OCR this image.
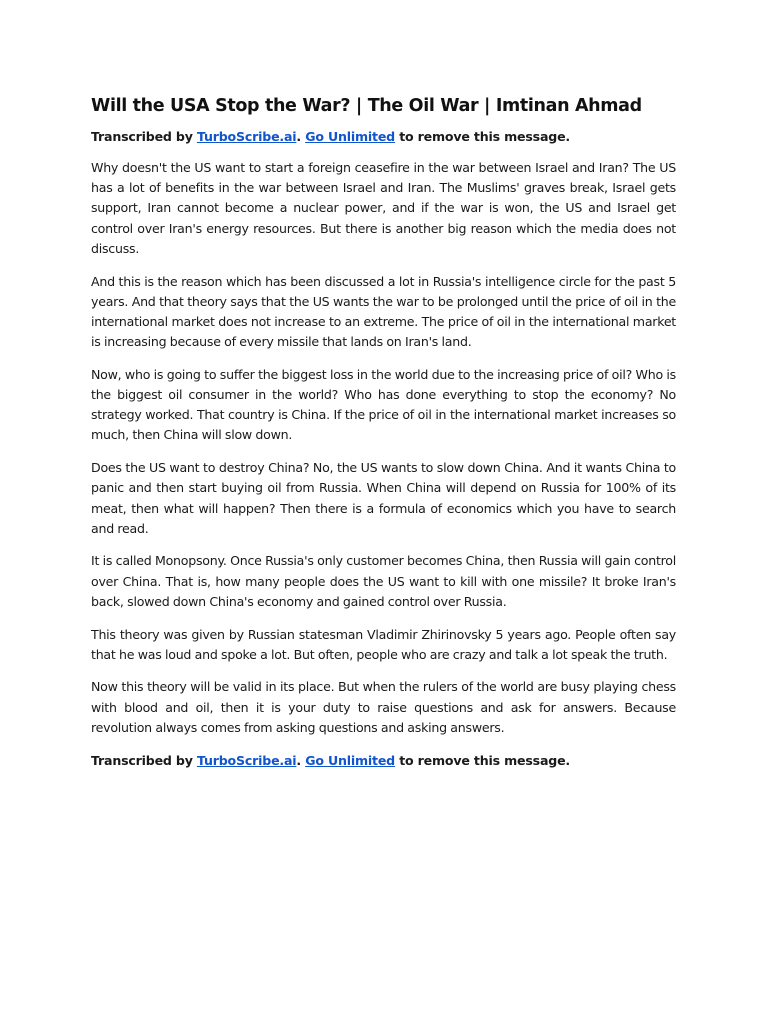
Will the USA Stop the War? | The Oil War | Imtinan Ahmad

Transcribed by TurboScribe.ai. Go Unlimited to remove this message.

Why doesn't the US want to start a foreign ceasefire in the war between Israel and Iran? The US has a lot of benefits in the war between Israel and Iran. The Muslims' graves break, Israel gets support, Iran cannot become a nuclear power, and if the war is won, the US and Israel get control over Iran's energy resources. But there is another big reason which the media does not discuss.

And this is the reason which has been discussed a lot in Russia's intelligence circle for the past 5 years. And that theory says that the US wants the war to be prolonged until the price of oil in the international market does not increase to an extreme. The price of oil in the international market is increasing because of every missile that lands on Iran's land.

Now, who is going to suffer the biggest loss in the world due to the increasing price of oil? Who is the biggest oil consumer in the world? Who has done everything to stop the economy? No strategy worked. That country is China. If the price of oil in the international market increases so much, then China will slow down.

Does the US want to destroy China? No, the US wants to slow down China. And it wants China to panic and then start buying oil from Russia. When China will depend on Russia for 100% of its meat, then what will happen? Then there is a formula of economics which you have to search and read.

It is called Monopsony. Once Russia's only customer becomes China, then Russia will gain control over China. That is, how many people does the US want to kill with one missile? It broke Iran's back, slowed down China's economy and gained control over Russia.

This theory was given by Russian statesman Vladimir Zhirinovsky 5 years ago. People often say that he was loud and spoke a lot. But often, people who are crazy and talk a lot speak the truth.

Now this theory will be valid in its place. But when the rulers of the world are busy playing chess with blood and oil, then it is your duty to raise questions and ask for answers. Because revolution always comes from asking questions and asking answers.

Transcribed by TurboScribe.ai. Go Unlimited to remove this message.
